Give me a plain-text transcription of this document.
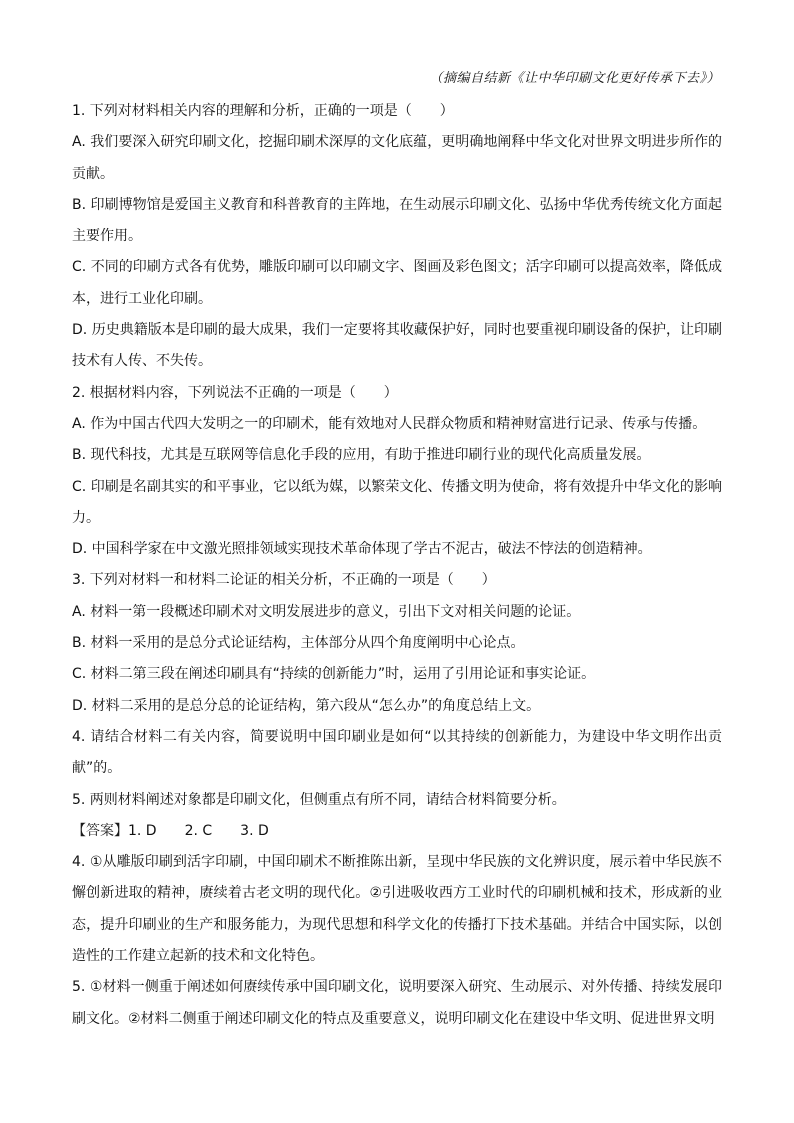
（摘编自结新《让中华印刷文化更好传承下去》）

1. 下列对材料相关内容的理解和分析，正确的一项是（　　）

A. 我们要深入研究印刷文化，挖掘印刷术深厚的文化底蕴，更明确地阐释中华文化对世界文明进步所作的贡献。

B. 印刷博物馆是爱国主义教育和科普教育的主阵地，在生动展示印刷文化、弘扬中华优秀传统文化方面起主要作用。

C. 不同的印刷方式各有优势，雕版印刷可以印刷文字、图画及彩色图文；活字印刷可以提高效率，降低成本，进行工业化印刷。

D. 历史典籍版本是印刷的最大成果，我们一定要将其收藏保护好，同时也要重视印刷设备的保护，让印刷技术有人传、不失传。

2. 根据材料内容，下列说法不正确的一项是（　　）

A. 作为中国古代四大发明之一的印刷术，能有效地对人民群众物质和精神财富进行记录、传承与传播。

B. 现代科技，尤其是互联网等信息化手段的应用，有助于推进印刷行业的现代化高质量发展。

C. 印刷是名副其实的和平事业，它以纸为媒，以繁荣文化、传播文明为使命，将有效提升中华文化的影响力。

D. 中国科学家在中文激光照排领域实现技术革命体现了学古不泥古，破法不悖法的创造精神。

3. 下列对材料一和材料二论证的相关分析，不正确的一项是（　　）

A. 材料一第一段概述印刷术对文明发展进步的意义，引出下文对相关问题的论证。

B. 材料一采用的是总分式论证结构，主体部分从四个角度阐明中心论点。

C. 材料二第三段在阐述印刷具有“持续的创新能力”时，运用了引用论证和事实论证。

D. 材料二采用的是总分总的论证结构，第六段从“怎么办”的角度总结上文。

4. 请结合材料二有关内容，简要说明中国印刷业是如何“以其持续的创新能力，为建设中华文明作出贡献”的。

5. 两则材料阐述对象都是印刷文化，但侧重点有所不同，请结合材料简要分析。

【答案】1. D　　2. C　　3. D

4. ①从雕版印刷到活字印刷，中国印刷术不断推陈出新，呈现中华民族的文化辨识度，展示着中华民族不懈创新进取的精神，赓续着古老文明的现代化。②引进吸收西方工业时代的印刷机械和技术，形成新的业态，提升印刷业的生产和服务能力，为现代思想和科学文化的传播打下技术基础。并结合中国实际，以创造性的工作建立起新的技术和文化特色。

5. ①材料一侧重于阐述如何赓续传承中国印刷文化，说明要深入研究、生动展示、对外传播、持续发展印刷文化。②材料二侧重于阐述印刷文化的特点及重要意义，说明印刷文化在建设中华文明、促进世界文明
